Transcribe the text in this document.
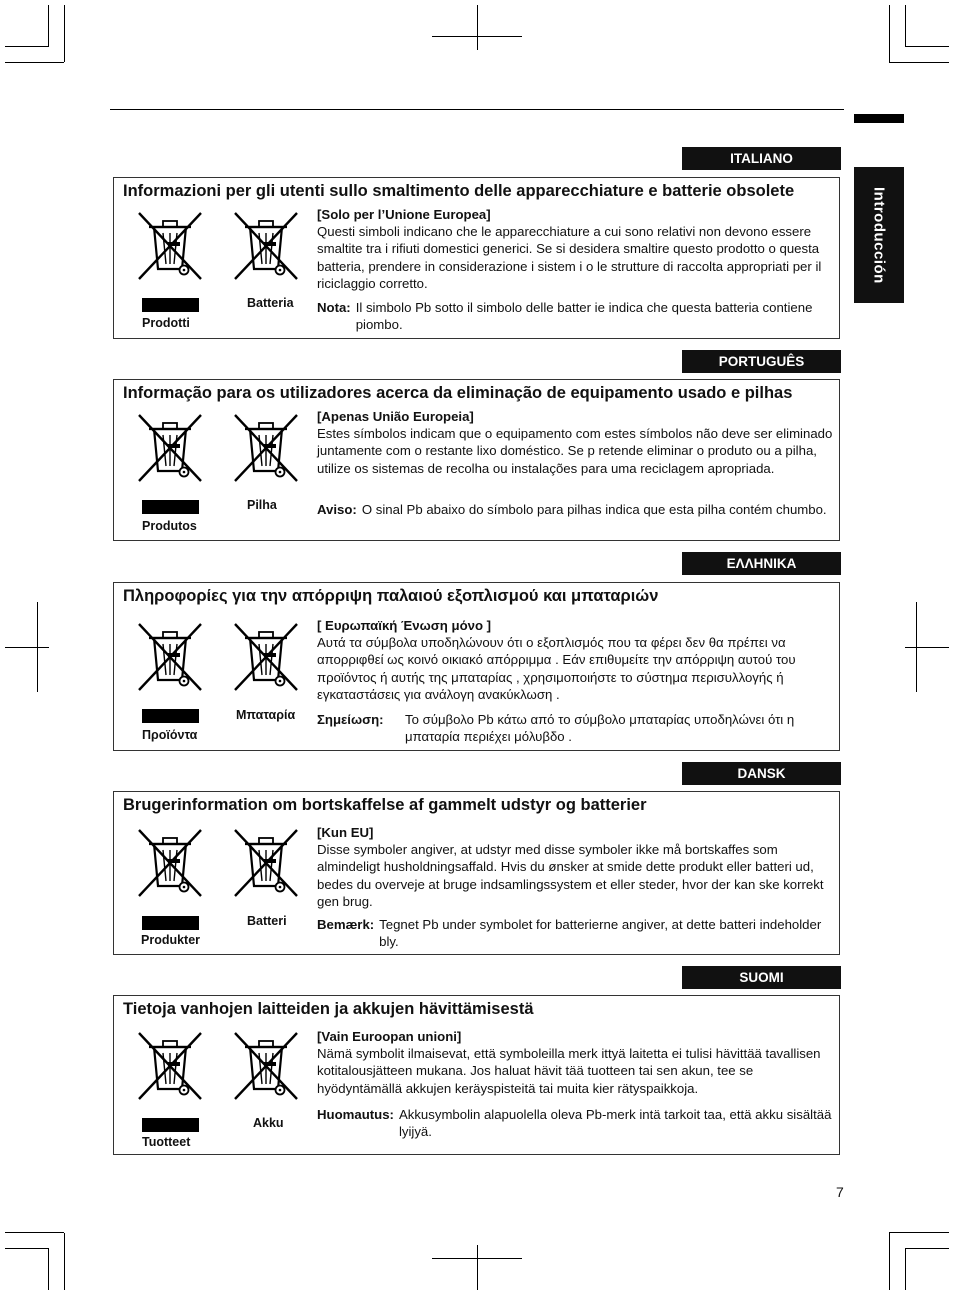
Introducción
ITALIANO
Informazioni per gli utenti sullo smaltimento delle apparecchiature e batterie obsolete
Prodotti
Batteria
[Solo per l’Unione Europea]
Questi simboli indicano che le apparecchiature a cui sono relativi non devono essere smaltite tra i rifiuti domestici generici. Se si desidera smaltire questo prodotto o questa batteria, prendere in considerazione i sistem i o le strutture di raccolta appropriati per il riciclaggio corretto.
Nota: Il simbolo Pb sotto il simbolo delle batter ie indica che questa batteria contiene piombo.
PORTUGUÊS
Informação para os utilizadores acerca da eliminação de equipamento usado e pilhas
Produtos
Pilha
[Apenas União Europeia]
Estes símbolos indicam que o equipamento com estes símbolos não deve ser eliminado juntamente com o restante lixo doméstico. Se p retende eliminar o produto ou a pilha, utilize os sistemas de recolha ou instalações para uma reciclagem apropriada.
Aviso: O sinal Pb abaixo do símbolo para pilhas indica que esta pilha contém chumbo.
ΕΛΛΗΝΙΚΑ
Πληροφορίες για την απόρριψη παλαιού εξοπλισμού και μπαταριών
Προϊόντα
Μπαταρία
[ Ευρωπαϊκή Ένωση μόνο ]
Αυτά τα σύμβολα υποδηλώνουν ότι ο εξοπλισμός που τα φέρει δεν θα πρέπει να απορριφθεί ως κοινό οικιακό απόρριμμα . Εάν επιθυμείτε την απόρριψη αυτού του προϊόντος ή αυτής της μπαταρίας , χρησιμοποιήστε το σύστημα περισυλλογής ή εγκαταστάσεις για ανάλογη ανακύκλωση .
Σημείωση:	Το σύμβολο Pb κάτω από το σύμβολο μπαταρίας υποδηλώνει ότι η μπαταρία περιέχει μόλυβδο .
DANSK
Brugerinformation om bortskaffelse af gammelt udstyr og batterier
Produkter
Batteri
[Kun EU]
Disse symboler angiver, at udstyr med disse symboler ikke må bortskaffes som almindeligt husholdningsaffald. Hvis du ønsker at smide dette produkt eller batteri ud, bedes du overveje at bruge indsamlingssystem et eller steder, hvor der kan ske korrekt gen brug.
Bemærk: Tegnet Pb under symbolet for batterierne angiver, at dette batteri indeholder bly.
SUOMI
Tietoja vanhojen laitteiden ja akkujen hävittämisestä
Tuotteet
Akku
[Vain Euroopan unioni]
Nämä symbolit ilmaisevat, että symboleilla merk ittyä laitetta ei tulisi hävittää tavallisen kotitalousjätteen mukana. Jos haluat hävit tää tuotteen tai sen akun, tee se hyödyntämällä akkujen keräyspisteitä tai muita kier rätyspaikkoja.
Huomautus: Akkusymbolin alapuolella oleva Pb-merk intä tarkoit taa, että akku sisältää lyijyä.
7
